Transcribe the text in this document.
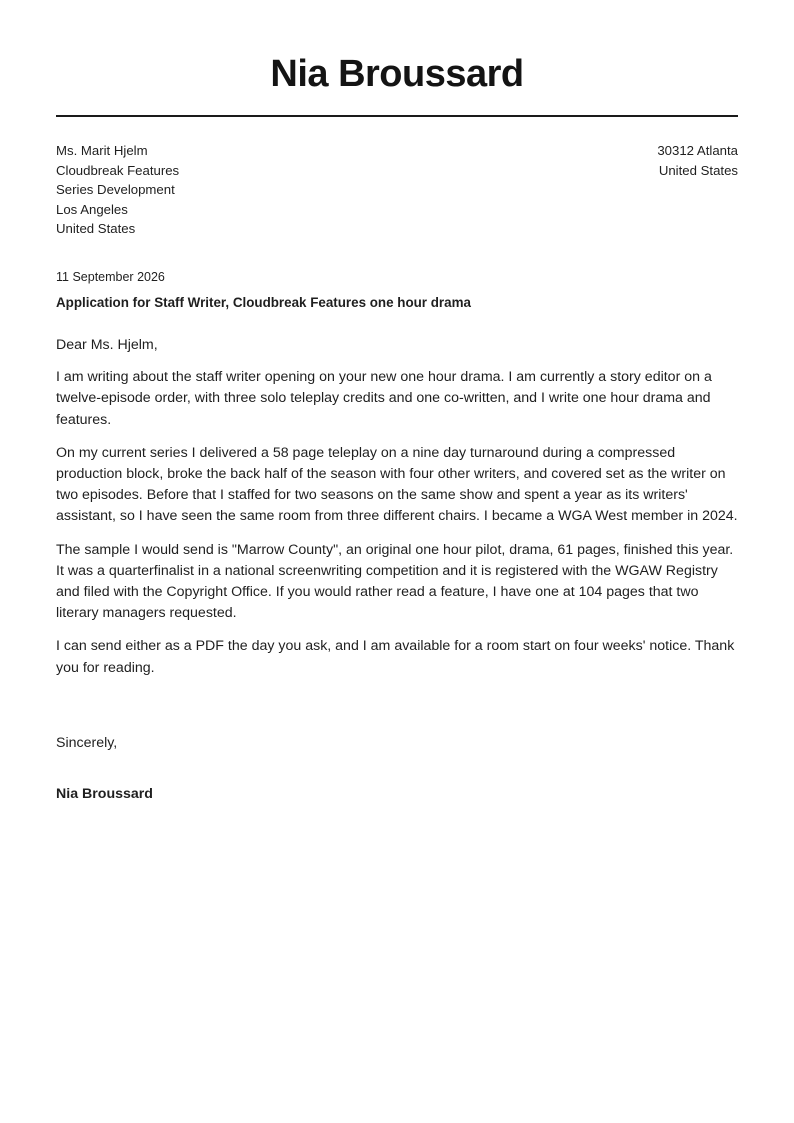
Nia Broussard
Ms. Marit Hjelm
Cloudbreak Features
Series Development
Los Angeles
United States
30312 Atlanta
United States
11 September 2026
Application for Staff Writer, Cloudbreak Features one hour drama

Dear Ms. Hjelm,

I am writing about the staff writer opening on your new one hour drama. I am currently a story editor on a twelve-episode order, with three solo teleplay credits and one co-written, and I write one hour drama and features.

On my current series I delivered a 58 page teleplay on a nine day turnaround during a compressed production block, broke the back half of the season with four other writers, and covered set as the writer on two episodes. Before that I staffed for two seasons on the same show and spent a year as its writers' assistant, so I have seen the same room from three different chairs. I became a WGA West member in 2024.

The sample I would send is "Marrow County", an original one hour pilot, drama, 61 pages, finished this year. It was a quarterfinalist in a national screenwriting competition and it is registered with the WGAW Registry and filed with the Copyright Office. If you would rather read a feature, I have one at 104 pages that two literary managers requested.

I can send either as a PDF the day you ask, and I am available for a room start on four weeks' notice. Thank you for reading.

Sincerely,
Nia Broussard
